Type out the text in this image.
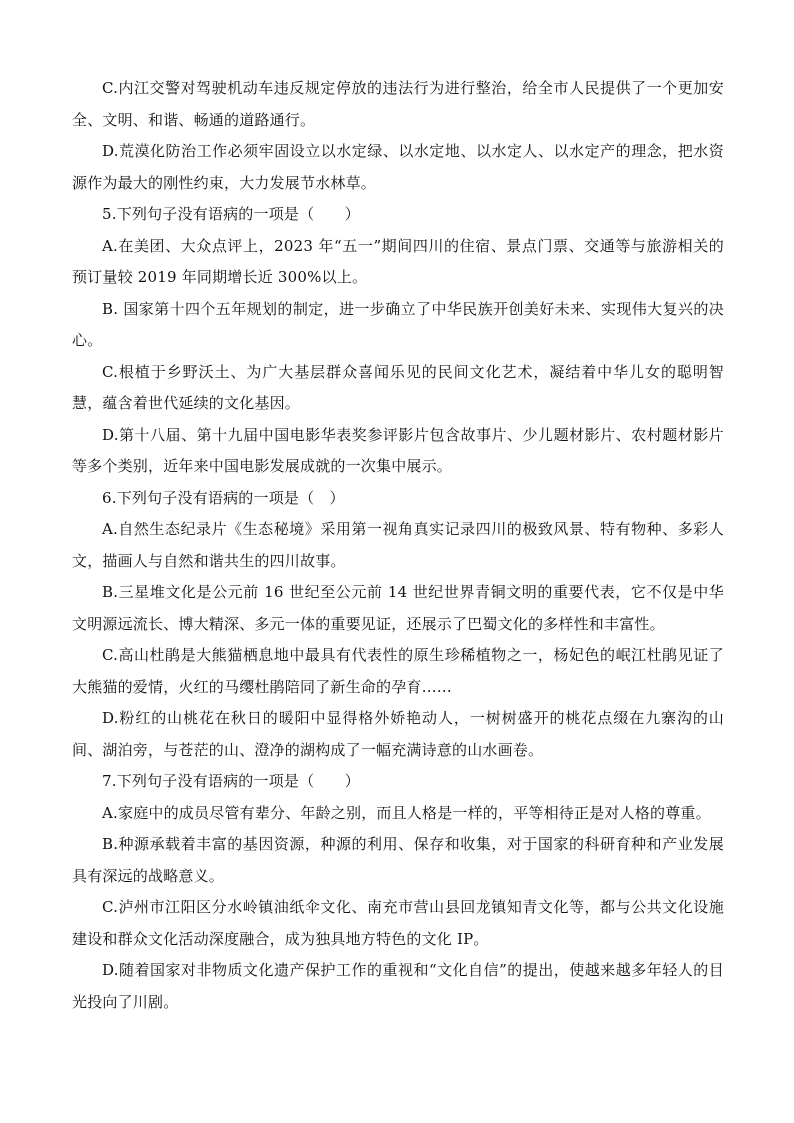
C.内江交警对驾驶机动车违反规定停放的违法行为进行整治，给全市人民提供了一个更加安全、文明、和谐、畅通的道路通行。

D.荒漠化防治工作必须牢固设立以水定绿、以水定地、以水定人、以水定产的理念，把水资源作为最大的刚性约束，大力发展节水林草。

5.下列句子没有语病的一项是（　　）

A.在美团、大众点评上，2023 年“五一”期间四川的住宿、景点门票、交通等与旅游相关的预订量较 2019 年同期增长近 300%以上。

B. 国家第十四个五年规划的制定，进一步确立了中华民族开创美好未来、实现伟大复兴的决心。

C.根植于乡野沃土、为广大基层群众喜闻乐见的民间文化艺术，凝结着中华儿女的聪明智慧，蕴含着世代延续的文化基因。

D.第十八届、第十九届中国电影华表奖参评影片包含故事片、少儿题材影片、农村题材影片等多个类别，近年来中国电影发展成就的一次集中展示。

6.下列句子没有语病的一项是（　）

A.自然生态纪录片《生态秘境》采用第一视角真实记录四川的极致风景、特有物种、多彩人文，描画人与自然和谐共生的四川故事。

B.三星堆文化是公元前 16 世纪至公元前 14 世纪世界青铜文明的重要代表，它不仅是中华文明源远流长、博大精深、多元一体的重要见证，还展示了巴蜀文化的多样性和丰富性。

C.高山杜鹃是大熊猫栖息地中最具有代表性的原生珍稀植物之一，杨妃色的岷江杜鹃见证了大熊猫的爱情，火红的马缨杜鹃陪同了新生命的孕育……

D.粉红的山桃花在秋日的暖阳中显得格外娇艳动人，一树树盛开的桃花点缀在九寨沟的山间、湖泊旁，与苍茫的山、澄净的湖构成了一幅充满诗意的山水画卷。

7.下列句子没有语病的一项是（　　）

A.家庭中的成员尽管有辈分、年龄之别，而且人格是一样的，平等相待正是对人格的尊重。

B.种源承载着丰富的基因资源，种源的利用、保存和收集，对于国家的科研育种和产业发展具有深远的战略意义。

C.泸州市江阳区分水岭镇油纸伞文化、南充市营山县回龙镇知青文化等，都与公共文化设施建设和群众文化活动深度融合，成为独具地方特色的文化 IP。

D.随着国家对非物质文化遗产保护工作的重视和“文化自信”的提出，使越来越多年轻人的目光投向了川剧。
